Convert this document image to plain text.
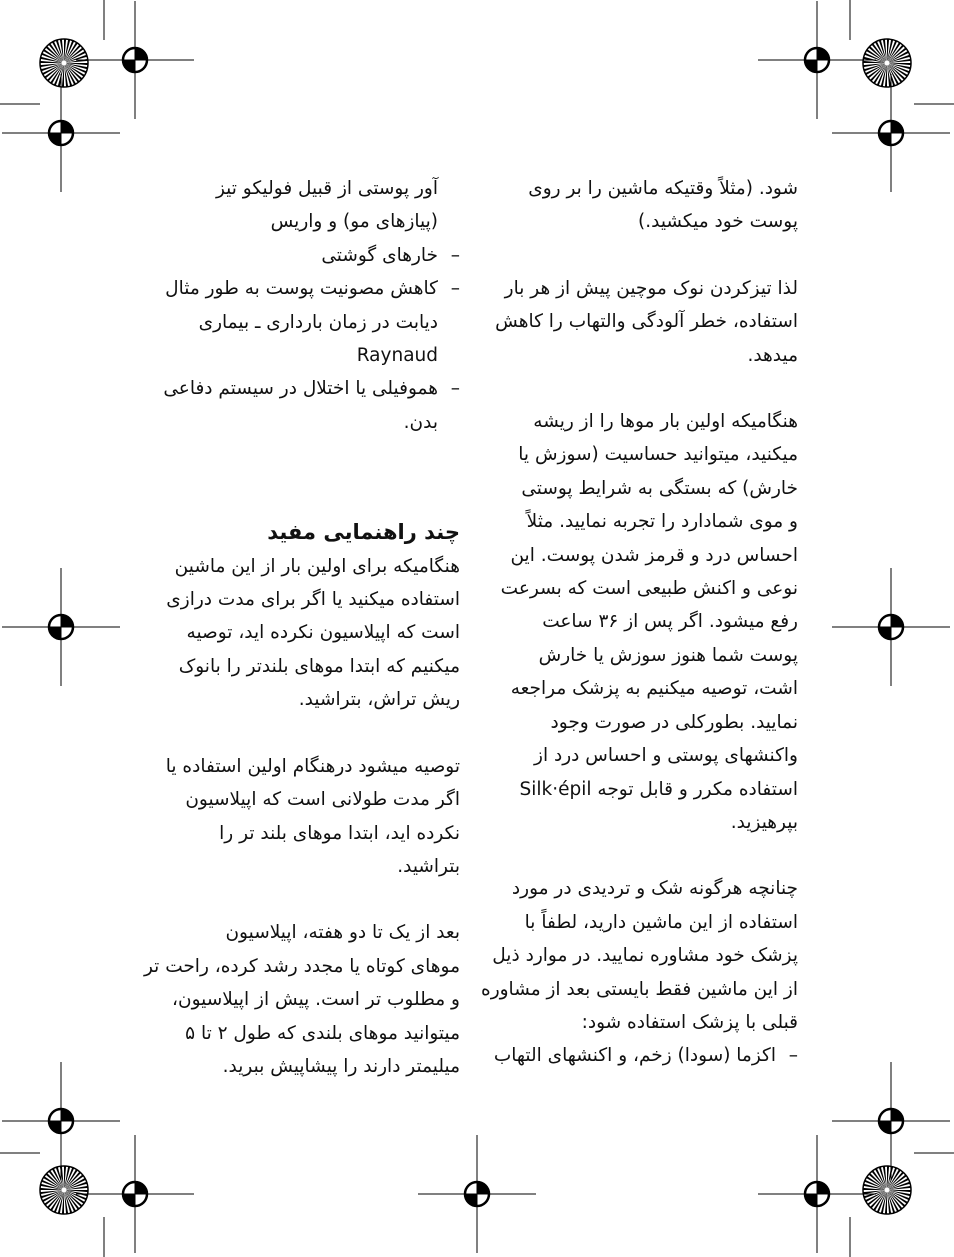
شود. (مثلاً وقتیکه ماشین را بر روی
پوست خود میکشید.)
لذا تیزکردن نوک موچین پیش از هر بار
استفاده، خطر آلودگی والتهاب را کاهش
میدهد.
هنگامیکه اولین بار موها را از ریشه
میکنید، میتوانید حساسیت (سوزش یا
خارش) که بستگی به شرایط پوستی
و موی شمادارد را تجربه نمایید. مثلاً
احساس درد و قرمز شدن پوست. این
نوعی و اکنش طبیعی است که بسرعت
رفع میشود. اگر پس از ۳۶ ساعت
پوست شما هنوز سوزش یا خارش
اشت، توصیه میکنیم به پزشک مراجعه
نمایید. بطورکلی در صورت وجود
واکنشهای پوستی و احساس درد از
استفاده مکرر و قابل توجه Silk·épil
بپرهیزید.
چنانچه هرگونه شک و تردیدی در مورد
استفاده از این ماشین دارید، لطفاً با
پزشک خود مشاوره نمایید. در موارد ذیل
از این ماشین فقط بایستی بعد از مشاوره
قبلی با پزشک استفاده شود:
–
اکزما (سودا) زخم، و اکنشهای التهاب
آور پوستی از قبیل فولیکو تیز
(پیازهای مو) و واریس
–
خارهای گوشتی
–
کاهش مصونیت پوست به طور مثال
دیابت در زمان بارداری ـ بیماری
Raynaud
–
هموفیلی یا اختلال در سیستم دفاعی
بدن.

چند راهنمایی مفید

هنگامیکه برای اولین بار از این ماشین
استفاده میکنید یا اگر برای مدت درازی
است که اپیلاسیون نکرده اید، توصیه
میکنیم که ابتدا موهای بلندتر را بانوک
ریش تراش، بتراشید.
توصیه میشود درهنگام اولین استفاده یا
اگر مدت طولانی است که اپیلاسیون
نکرده اید، ابتدا موهای بلند تر را
بتراشید.
بعد از یک تا دو هفته، اپیلاسیون
موهای کوتاه یا مجدد رشد کرده، راحت تر
و مطلوب تر است. پیش از اپیلاسیون،
میتوانید موهای بلندی که طول ۲ تا ۵
میلیمتر دارند را پیشاپیش ببرید.
